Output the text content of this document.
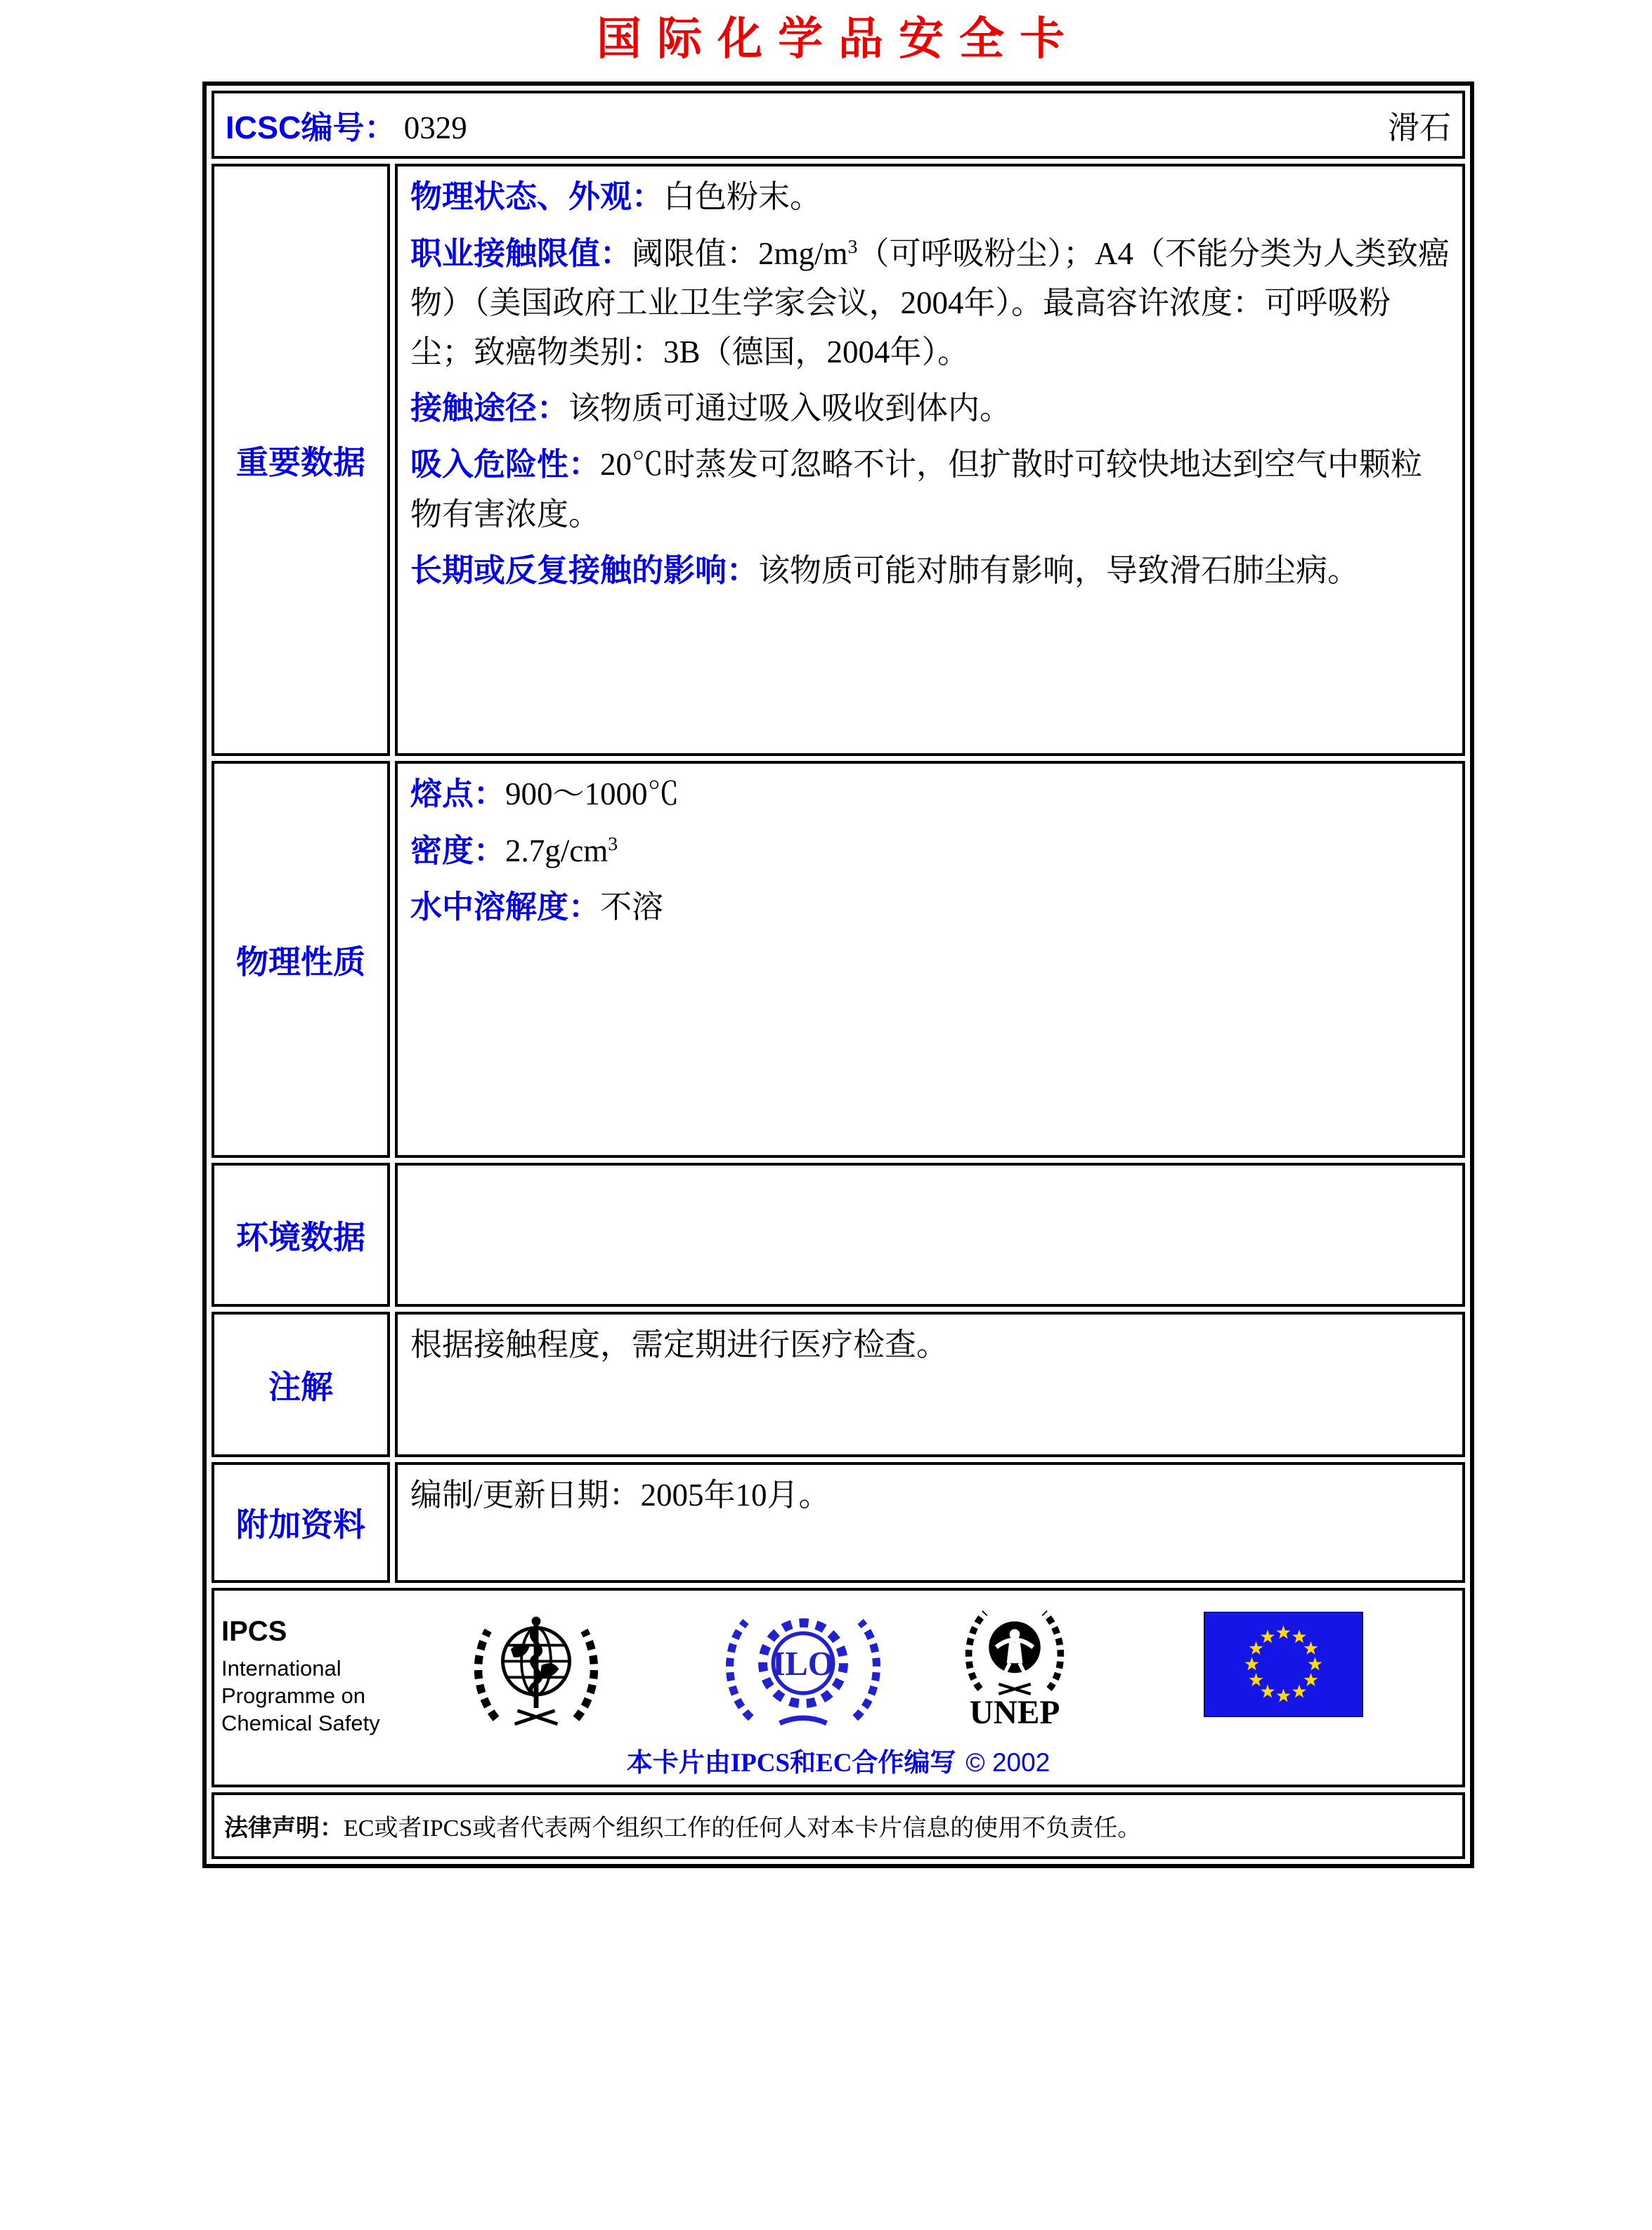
国际化学品安全卡
ICSC编号： 0329 滑石	

重要数据	物理状态、外观：白色粉末。

职业接触限值：阈限值：$2mg/m^3$（可呼吸粉尘）；A4（不能分类为人类致癌物）（美国政府工业卫生学家会议，2004年）。最高容许浓度：可呼吸粉尘；致癌物类别：3B（德国，2004年）。

接触途径：该物质可通过吸入吸收到体内。

吸入危险性：20℃时蒸发可忽略不计，但扩散时可较快地达到空气中颗粒物有害浓度。

长期或反复接触的影响：该物质可能对肺有影响，导致滑石肺尘病。

物理性质	熔点：900～1000℃

密度：$2.7g/cm^3$

水中溶解度：不溶

环境数据	
注解	根据接触程度，需定期进行医疗检查。

附加资料	编制/更新日期：2005年10月。

IPCS
International
Programme on
Chemical Safety
ILO
UNEP
本卡片由IPCS和EC合作编写 © 2002

法律声明：EC或者IPCS或者代表两个组织工作的任何人对本卡片信息的使用不负责任。	
